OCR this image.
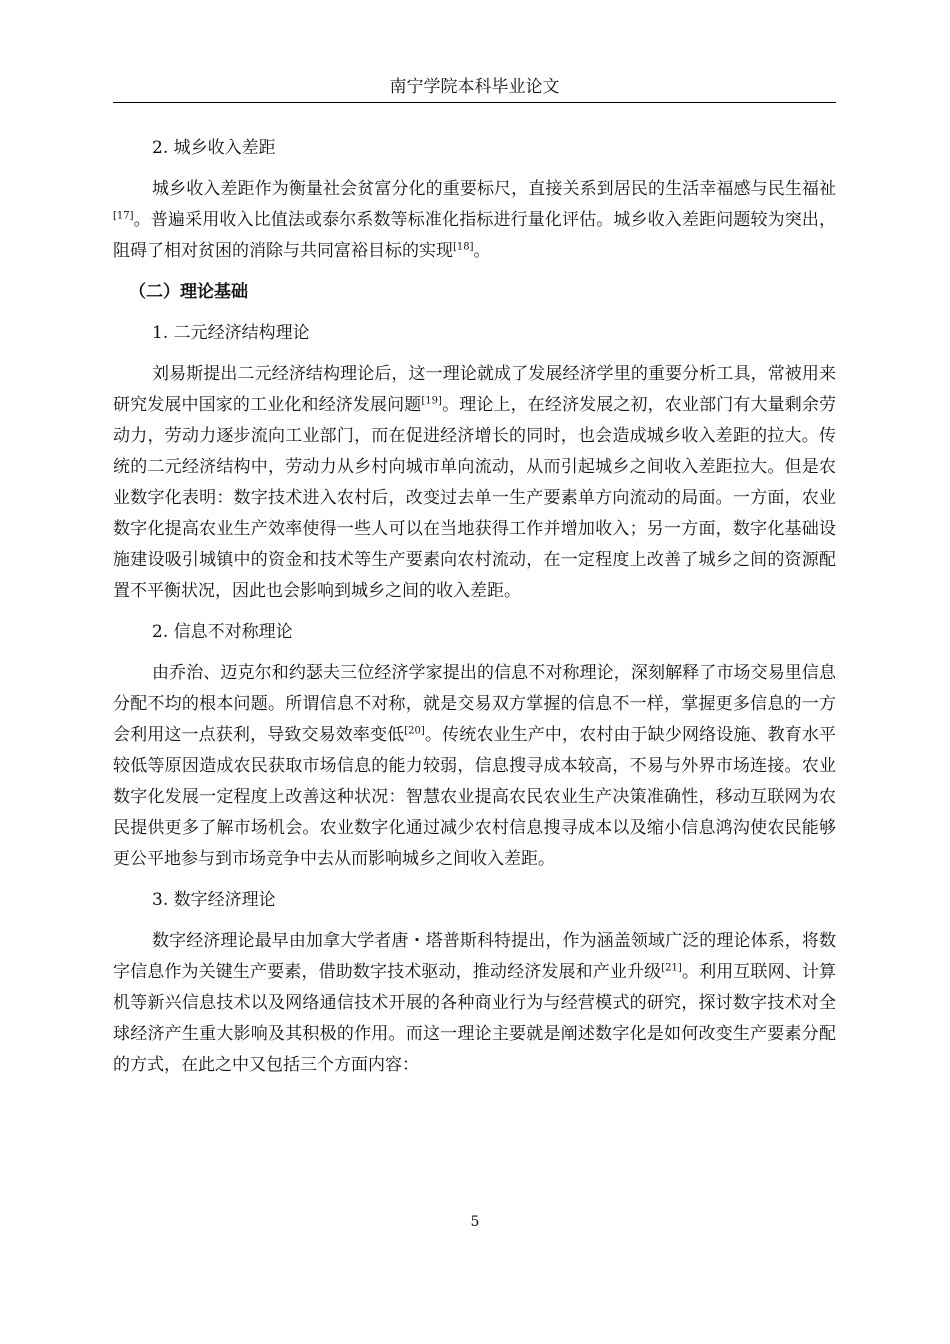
南宁学院本科毕业论文
2. 城乡收入差距

城乡收入差距作为衡量社会贫富分化的重要标尺，直接关系到居民的生活幸福感与民生福祉[17]。普遍采用收入比值法或泰尔系数等标准化指标进行量化评估。城乡收入差距问题较为突出，阻碍了相对贫困的消除与共同富裕目标的实现[18]。

（二）理论基础
1. 二元经济结构理论

刘易斯提出二元经济结构理论后，这一理论就成了发展经济学里的重要分析工具，常被用来研究发展中国家的工业化和经济发展问题[19]。理论上，在经济发展之初，农业部门有大量剩余劳动力，劳动力逐步流向工业部门，而在促进经济增长的同时，也会造成城乡收入差距的拉大。传统的二元经济结构中，劳动力从乡村向城市单向流动，从而引起城乡之间收入差距拉大。但是农业数字化表明：数字技术进入农村后，改变过去单一生产要素单方向流动的局面。一方面，农业数字化提高农业生产效率使得一些人可以在当地获得工作并增加收入；另一方面，数字化基础设施建设吸引城镇中的资金和技术等生产要素向农村流动，在一定程度上改善了城乡之间的资源配置不平衡状况，因此也会影响到城乡之间的收入差距。

2. 信息不对称理论

由乔治、迈克尔和约瑟夫三位经济学家提出的信息不对称理论，深刻解释了市场交易里信息分配不均的根本问题。所谓信息不对称，就是交易双方掌握的信息不一样，掌握更多信息的一方会利用这一点获利，导致交易效率变低[20]。传统农业生产中，农村由于缺少网络设施、教育水平较低等原因造成农民获取市场信息的能力较弱，信息搜寻成本较高，不易与外界市场连接。农业数字化发展一定程度上改善这种状况：智慧农业提高农民农业生产决策准确性，移动互联网为农民提供更多了解市场机会。农业数字化通过减少农村信息搜寻成本以及缩小信息鸿沟使农民能够更公平地参与到市场竞争中去从而影响城乡之间收入差距。

3. 数字经济理论

数字经济理论最早由加拿大学者唐・塔普斯科特提出，作为涵盖领域广泛的理论体系，将数字信息作为关键生产要素，借助数字技术驱动，推动经济发展和产业升级[21]。利用互联网、计算机等新兴信息技术以及网络通信技术开展的各种商业行为与经营模式的研究，探讨数字技术对全球经济产生重大影响及其积极的作用。而这一理论主要就是阐述数字化是如何改变生产要素分配的方式，在此之中又包括三个方面内容：

5
